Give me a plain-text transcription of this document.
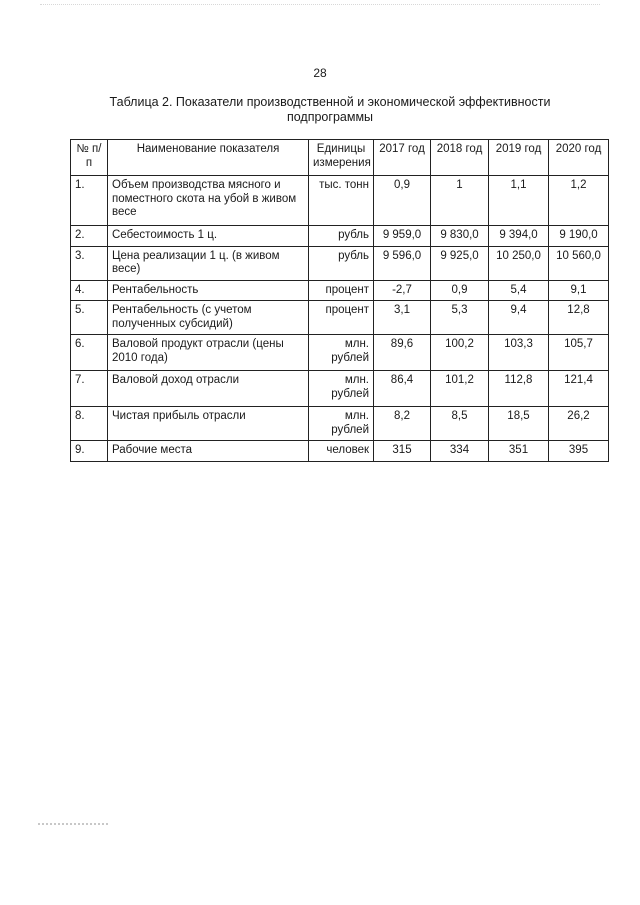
28
Таблица 2. Показатели производственной и экономической эффективности
подпрограммы
№ п/п	Наименование показателя	Единицы измерения	2017 год	2018 год	2019 год	2020 год
1.	Объем производства мясного и поместного скота на убой в живом весе	тыс. тонн	0,9	1	1,1	1,2
2.	Себестоимость 1 ц.	рубль	9 959,0	9 830,0	9 394,0	9 190,0
3.	Цена реализации 1 ц. (в живом весе)	рубль	9 596,0	9 925,0	10 250,0	10 560,0
4.	Рентабельность	процент	-2,7	0,9	5,4	9,1
5.	Рентабельность (с учетом полученных субсидий)	процент	3,1	5,3	9,4	12,8
6.	Валовой продукт отрасли (цены 2010 года)	млн. рублей	89,6	100,2	103,3	105,7
7.	Валовой доход отрасли	млн. рублей	86,4	101,2	112,8	121,4
8.	Чистая прибыль отрасли	млн. рублей	8,2	8,5	18,5	26,2
9.	Рабочие места	человек	315	334	351	395
